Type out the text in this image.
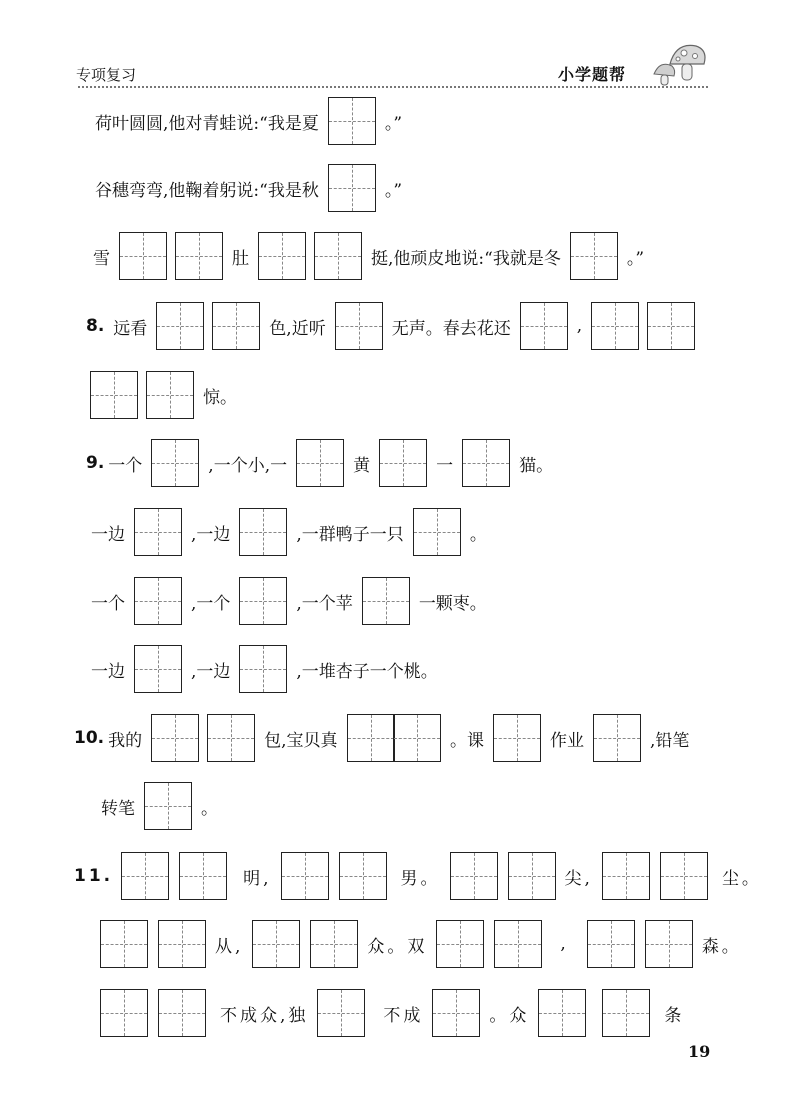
专项复习	小学题帮
荷叶圆圆,他对青蛙说:“我是夏	。”
谷穗弯弯,他鞠着躬说:“我是秋	。”
雪	肚	挺,他顽皮地说:“我就是冬	。”
8. 远看	色,近听	无声。春去花还	,
惊。
9. 一个	,一个小,一	黄	一	猫。
一边	,一边	,一群鸭子一只	。
一个	,一个	,一个苹	一颗枣。
一边	,一边	,一堆杏子一个桃。
10. 我的	包,宝贝真	。课	作业	,铅笔
转笔	。
11.	明,	男。	尖,	尘。
从,	众。双	,	森。
不成众,独	不成	。众	条
19
